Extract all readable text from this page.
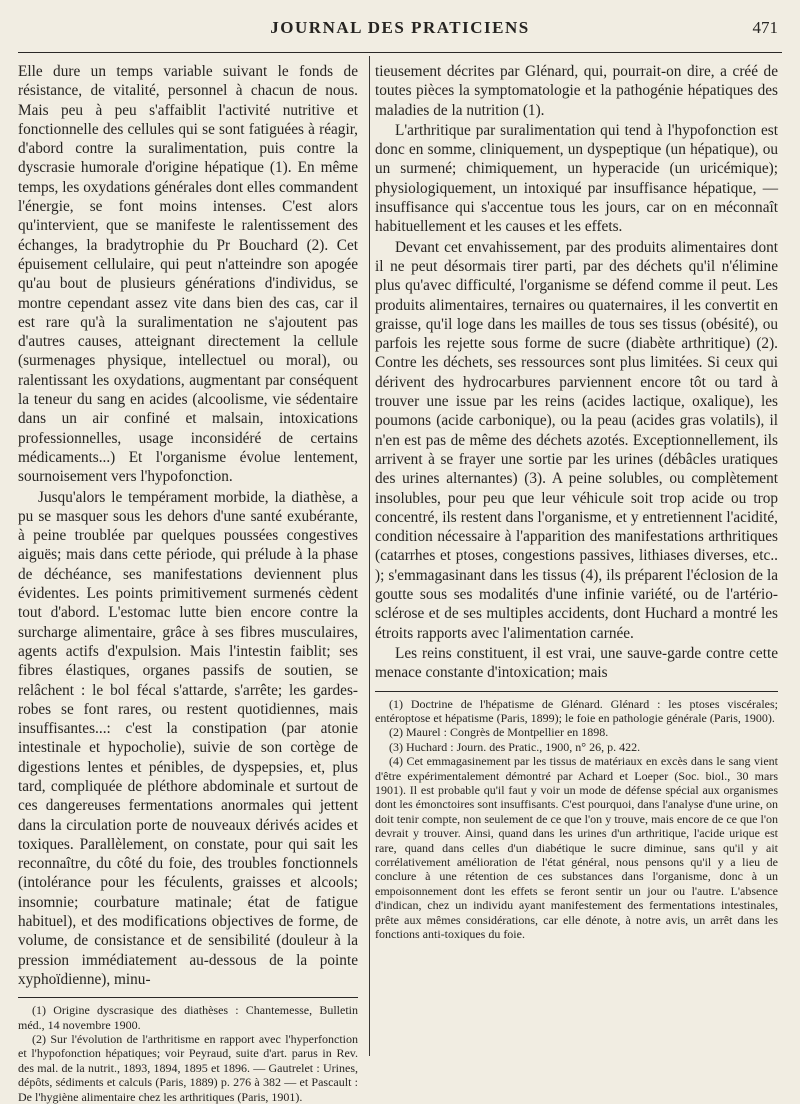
JOURNAL DES PRATICIENS	471

Elle dure un temps variable suivant le fonds de résistance, de vitalité, personnel à chacun de nous. Mais peu à peu s'affaiblit l'activité nutritive et fonctionnelle des cellules qui se sont fatiguées à réagir, d'abord contre la suralimentation, puis contre la dyscrasie humorale d'origine hépatique (1). En même temps, les oxydations générales dont elles commandent l'énergie, se font moins intenses. C'est alors qu'intervient, que se manifeste le ralentissement des échanges, la bradytrophie du Pr Bouchard (2). Cet épuisement cellulaire, qui peut n'atteindre son apogée qu'au bout de plusieurs générations d'individus, se montre cependant assez vite dans bien des cas, car il est rare qu'à la suralimentation ne s'ajoutent pas d'autres causes, atteignant directement la cellule (surmenages physique, intellectuel ou moral), ou ralentissant les oxydations, augmentant par conséquent la teneur du sang en acides (alcoolisme, vie sédentaire dans un air confiné et malsain, intoxications professionnelles, usage inconsidéré de certains médicaments...) Et l'organisme évolue lentement, sournoisement vers l'hypofonction.

Jusqu'alors le tempérament morbide, la diathèse, a pu se masquer sous les dehors d'une santé exubérante, à peine troublée par quelques poussées congestives aiguës; mais dans cette période, qui prélude à la phase de déchéance, ses manifestations deviennent plus évidentes. Les points primitivement surmenés cèdent tout d'abord. L'estomac lutte bien encore contre la surcharge alimentaire, grâce à ses fibres musculaires, agents actifs d'expulsion. Mais l'intestin faiblit; ses fibres élastiques, organes passifs de soutien, se relâchent : le bol fécal s'attarde, s'arrête; les gardes-robes se font rares, ou restent quotidiennes, mais insuffisantes...: c'est la constipation (par atonie intestinale et hypocholie), suivie de son cortège de digestions lentes et pénibles, de dyspepsies, et, plus tard, compliquée de pléthore abdominale et surtout de ces dangereuses fermentations anormales qui jettent dans la circulation porte de nouveaux dérivés acides et toxiques. Parallèlement, on constate, pour qui sait les reconnaître, du côté du foie, des troubles fonctionnels (intolérance pour les féculents, graisses et alcools; insomnie; courbature matinale; état de fatigue habituel), et des modifications objectives de forme, de volume, de consistance et de sensibilité (douleur à la pression immédiatement au-dessous de la pointe xyphoïdienne), minu-

(1) Origine dyscrasique des diathèses : Chantemesse, Bulletin méd., 14 novembre 1900.

(2) Sur l'évolution de l'arthritisme en rapport avec l'hyperfonction et l'hypofonction hépatiques; voir Peyraud, suite d'art. parus in Rev. des mal. de la nutrit., 1893, 1894, 1895 et 1896. — Gautrelet : Urines, dépôts, sédiments et calculs (Paris, 1889) p. 276 à 382 — et Pascault : De l'hygiène alimentaire chez les arthritiques (Paris, 1901).

tieusement décrites par Glénard, qui, pourrait-on dire, a créé de toutes pièces la symptomatologie et la pathogénie hépatiques des maladies de la nutrition (1).

L'arthritique par suralimentation qui tend à l'hypofonction est donc en somme, cliniquement, un dyspeptique (un hépatique), ou un surmené; chimiquement, un hyperacide (un uricémique); physiologiquement, un intoxiqué par insuffisance hépatique, — insuffisance qui s'accentue tous les jours, car on en méconnaît habituellement et les causes et les effets.

Devant cet envahissement, par des produits alimentaires dont il ne peut désormais tirer parti, par des déchets qu'il n'élimine plus qu'avec difficulté, l'organisme se défend comme il peut. Les produits alimentaires, ternaires ou quaternaires, il les convertit en graisse, qu'il loge dans les mailles de tous ses tissus (obésité), ou parfois les rejette sous forme de sucre (diabète arthritique) (2). Contre les déchets, ses ressources sont plus limitées. Si ceux qui dérivent des hydrocarbures parviennent encore tôt ou tard à trouver une issue par les reins (acides lactique, oxalique), les poumons (acide carbonique), ou la peau (acides gras volatils), il n'en est pas de même des déchets azotés. Exceptionnellement, ils arrivent à se frayer une sortie par les urines (débâcles uratiques des urines alternantes) (3). A peine solubles, ou complètement insolubles, pour peu que leur véhicule soit trop acide ou trop concentré, ils restent dans l'organisme, et y entretiennent l'acidité, condition nécessaire à l'apparition des manifestations arthritiques (catarrhes et ptoses, congestions passives, lithiases diverses, etc.. ); s'emmagasinant dans les tissus (4), ils préparent l'éclosion de la goutte sous ses modalités d'une infinie variété, ou de l'artério-sclérose et de ses multiples accidents, dont Huchard a montré les étroits rapports avec l'alimentation carnée.

Les reins constituent, il est vrai, une sauve-garde contre cette menace constante d'intoxication; mais

(1) Doctrine de l'hépatisme de Glénard. Glénard : les ptoses viscérales; entéroptose et hépatisme (Paris, 1899); le foie en pathologie générale (Paris, 1900).

(2) Maurel : Congrès de Montpellier en 1898.

(3) Huchard : Journ. des Pratic., 1900, n° 26, p. 422.

(4) Cet emmagasinement par les tissus de matériaux en excès dans le sang vient d'être expérimentalement démontré par Achard et Loeper (Soc. biol., 30 mars 1901). Il est probable qu'il faut y voir un mode de défense spécial aux organismes dont les émonctoires sont insuffisants. C'est pourquoi, dans l'analyse d'une urine, on doit tenir compte, non seulement de ce que l'on y trouve, mais encore de ce que l'on devrait y trouver. Ainsi, quand dans les urines d'un arthritique, l'acide urique est rare, quand dans celles d'un diabétique le sucre diminue, sans qu'il y ait corrélativement amélioration de l'état général, nous pensons qu'il y a lieu de conclure à une rétention de ces substances dans l'organisme, donc à un empoisonnement dont les effets se feront sentir un jour ou l'autre. L'absence d'indican, chez un individu ayant manifestement des fermentations intestinales, prête aux mêmes considérations, car elle dénote, à notre avis, un arrêt dans les fonctions anti-toxiques du foie.
